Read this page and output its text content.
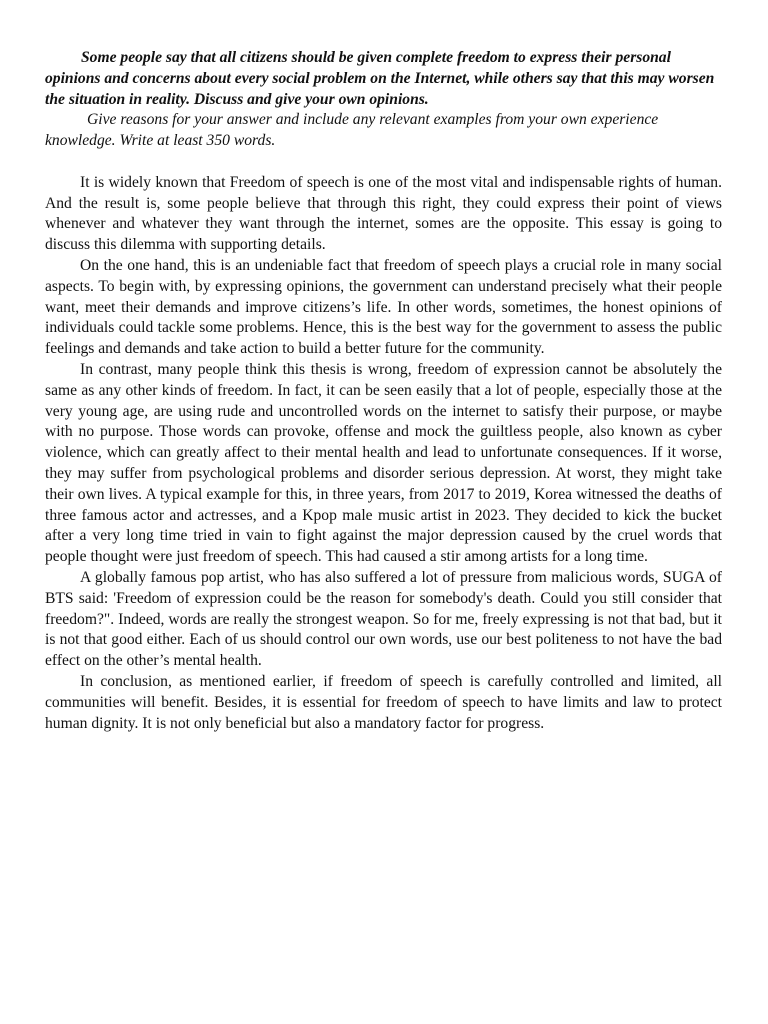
Some people say that all citizens should be given complete freedom to express their personal opinions and concerns about every social problem on the Internet, while others say that this may worsen the situation in reality. Discuss and give your own opinions.

Give reasons for your answer and include any relevant examples from your own experience knowledge. Write at least 350 words.

It is widely known that Freedom of speech is one of the most vital and indispensable rights of human. And the result is, some people believe that through this right, they could express their point of views whenever and whatever they want through the internet, somes are the opposite. This essay is going to discuss this dilemma with supporting details.

On the one hand, this is an undeniable fact that freedom of speech plays a crucial role in many social aspects. To begin with, by expressing opinions, the government can understand precisely what their people want, meet their demands and improve citizens’s life. In other words, sometimes, the honest opinions of individuals could tackle some problems. Hence, this is the best way for the government to assess the public feelings and demands and take action to build a better future for the community.

In contrast, many people think this thesis is wrong, freedom of expression cannot be absolutely the same as any other kinds of freedom. In fact, it can be seen easily that a lot of people, especially those at the very young age, are using rude and uncontrolled words on the internet to satisfy their purpose, or maybe with no purpose. Those words can provoke, offense and mock the guiltless people, also known as cyber violence, which can greatly affect to their mental health and lead to unfortunate consequences. If it worse, they may suffer from psychological problems and disorder serious depression. At worst, they might take their own lives. A typical example for this, in three years, from 2017 to 2019, Korea witnessed the deaths of three famous actor and actresses, and a Kpop male music artist in 2023. They decided to kick the bucket after a very long time tried in vain to fight against the major depression caused by the cruel words that people thought were just freedom of speech. This had caused a stir among artists for a long time.

A globally famous pop artist, who has also suffered a lot of pressure from malicious words, SUGA of BTS said: 'Freedom of expression could be the reason for somebody's death. Could you still consider that freedom?". Indeed, words are really the strongest weapon. So for me, freely expressing is not that bad, but it is not that good either. Each of us should control our own words, use our best politeness to not have the bad effect on the other’s mental health.

In conclusion, as mentioned earlier, if freedom of speech is carefully controlled and limited, all communities will benefit. Besides, it is essential for freedom of speech to have limits and law to protect human dignity. It is not only beneficial but also a mandatory factor for progress.
